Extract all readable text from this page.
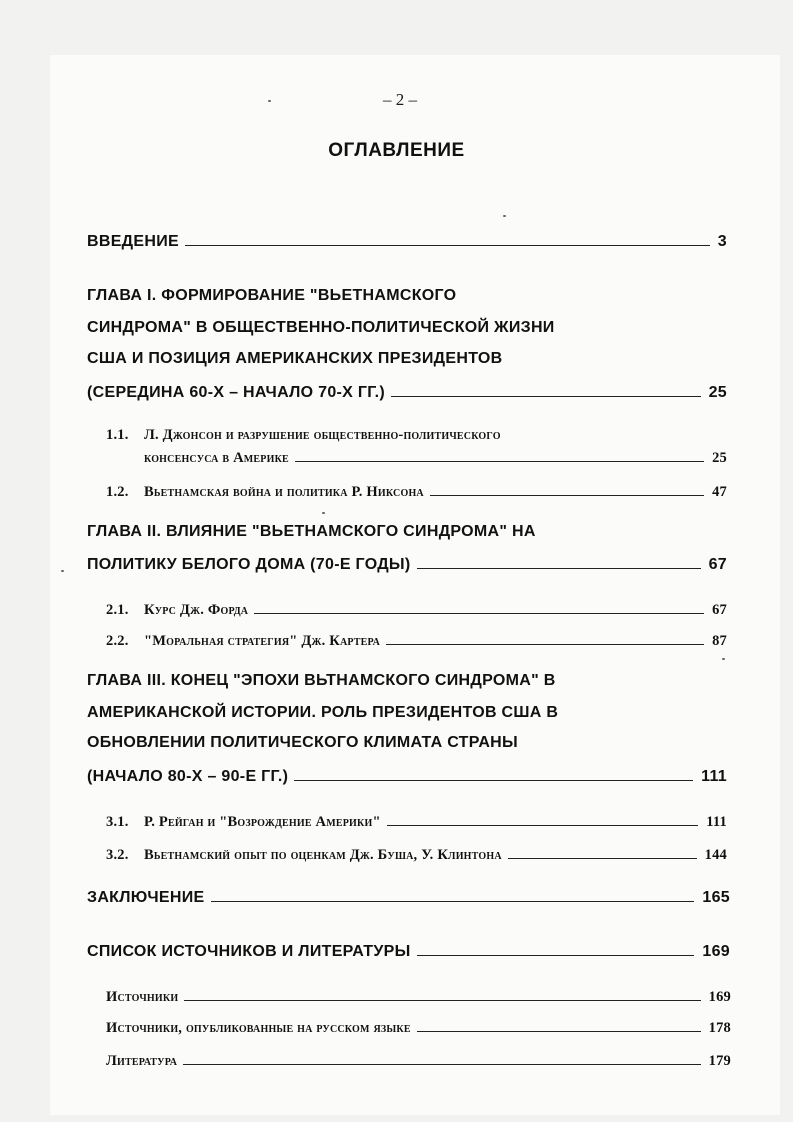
– 2 –
ОГЛАВЛЕНИЕ
ВВЕДЕНИЕ	3
ГЛАВА I. ФОРМИРОВАНИЕ "ВЬЕТНАМСКОГО
СИНДРОМА" В ОБЩЕСТВЕННО-ПОЛИТИЧЕСКОЙ ЖИЗНИ
США И ПОЗИЦИЯ АМЕРИКАНСКИХ ПРЕЗИДЕНТОВ
(СЕРЕДИНА 60-Х – НАЧАЛО 70-Х ГГ.)	25
1.1. Л. Джонсон и разрушение общественно-политического
консенсуса в Америке	25
1.2.	Вьетнамская война и политика Р. Никсона	47
ГЛАВА II. ВЛИЯНИЕ "ВЬЕТНАМСКОГО СИНДРОМА" НА
ПОЛИТИКУ БЕЛОГО ДОМА (70-Е ГОДЫ)	67
2.1.	Курс Дж. Форда	67
2.2.	"Моральная стратегия" Дж. Картера	87
ГЛАВА III. КОНЕЦ "ЭПОХИ ВЬТНАМСКОГО СИНДРОМА" В
АМЕРИКАНСКОЙ ИСТОРИИ. РОЛЬ ПРЕЗИДЕНТОВ США В
ОБНОВЛЕНИИ ПОЛИТИЧЕСКОГО КЛИМАТА СТРАНЫ
(НАЧАЛО 80-Х – 90-Е ГГ.)	111
3.1.	Р. Рейган и "Возрождение Америки"	111
3.2.	Вьетнамский опыт по оценкам Дж. Буша, У. Клинтона	144
ЗАКЛЮЧЕНИЕ	165
СПИСОК ИСТОЧНИКОВ И ЛИТЕРАТУРЫ	169
Источники	169
Источники, опубликованные на русском языке	178
Литература	179
